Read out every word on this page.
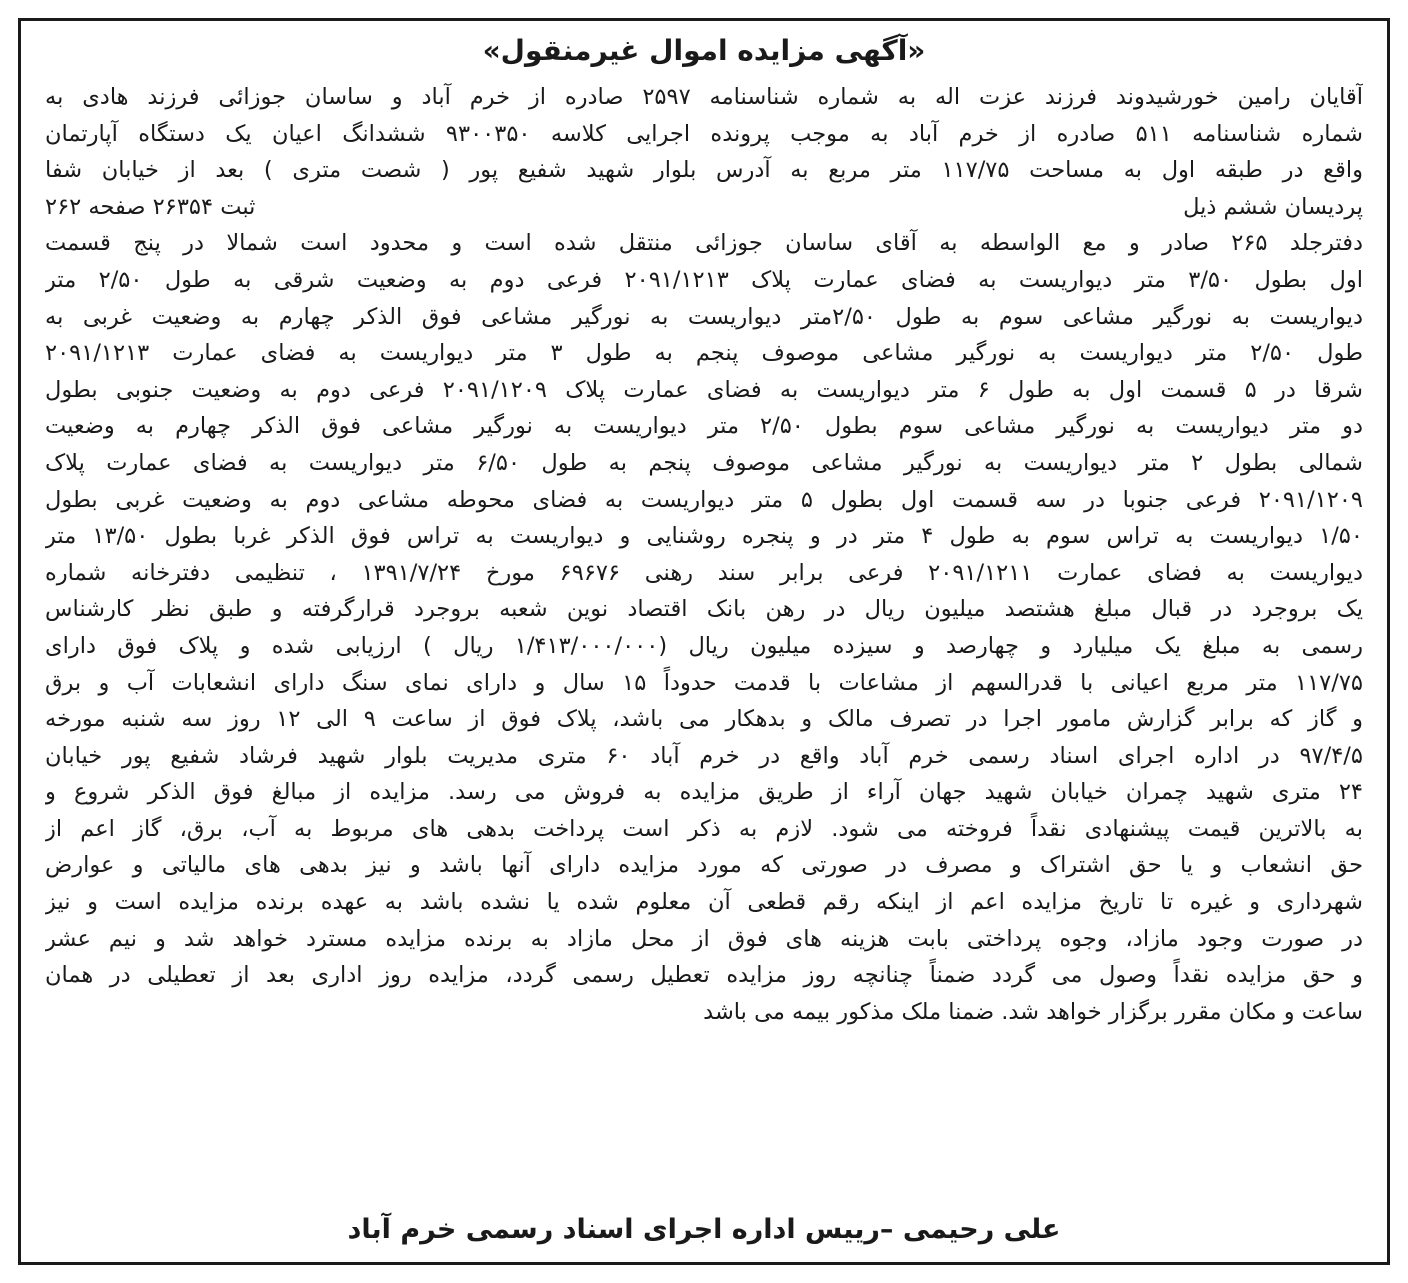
«آگهی مزایده اموال غیرمنقول»
آقایان رامین خورشیدوند فرزند عزت اله به شماره شناسنامه ۲۵۹۷ صادره از خرم آباد و ساسان جوزائی فرزند هادی به
شماره شناسنامه ۵۱۱ صادره از خرم آباد به موجب پرونده اجرایی کلاسه ۹۳۰۰۳۵۰ ششدانگ اعیان یک دستگاه آپارتمان
واقع در طبقه اول به مساحت ۱۱۷/۷۵ متر مربع به آدرس بلوار شهید شفیع پور ( شصت متری ) بعد از خیابان شفا
پردیسان ششم ذیل
ثبت ۲۶۳۵۴ صفحه ۲۶۲
دفترجلد ۲۶۵ صادر و مع الواسطه به آقای ساسان جوزائی منتقل شده است و محدود است شمالا در پنج قسمت
اول بطول ۳/۵۰ متر دیواریست به فضای عمارت پلاک ۲۰۹۱/۱۲۱۳ فرعی دوم به وضعیت شرقی به طول ۲/۵۰ متر
دیواریست به نورگیر مشاعی سوم به طول ۲/۵۰متر دیواریست به نورگیر مشاعی فوق الذکر چهارم به وضعیت غربی به
طول ۲/۵۰ متر دیواریست به نورگیر مشاعی موصوف پنجم به طول ۳ متر دیواریست به فضای عمارت ۲۰۹۱/۱۲۱۳
شرقا در ۵ قسمت اول به طول ۶ متر دیواریست به فضای عمارت پلاک ۲۰۹۱/۱۲۰۹ فرعی دوم به وضعیت جنوبی بطول
دو متر دیواریست به نورگیر مشاعی سوم بطول ۲/۵۰ متر دیواریست به نورگیر مشاعی فوق الذکر چهارم به وضعیت
شمالی بطول ۲ متر دیواریست به نورگیر مشاعی موصوف پنجم به طول ۶/۵۰ متر دیواریست به فضای عمارت پلاک
۲۰۹۱/۱۲۰۹ فرعی جنوبا در سه قسمت اول بطول ۵ متر دیواریست به فضای محوطه مشاعی دوم به وضعیت غربی بطول
۱/۵۰ دیواریست به تراس سوم به طول ۴ متر در و پنجره روشنایی و دیواریست به تراس فوق الذکر غربا بطول ۱۳/۵۰ متر
دیواریست به فضای عمارت ۲۰۹۱/۱۲۱۱ فرعی برابر سند رهنی ۶۹۶۷۶ مورخ ۱۳۹۱/۷/۲۴ ، تنظیمی دفترخانه شماره
یک بروجرد در قبال مبلغ هشتصد میلیون ریال در رهن بانک اقتصاد نوین شعبه بروجرد قرارگرفته و طبق نظر کارشناس
رسمی به مبلغ یک میلیارد و چهارصد و سیزده میلیون ریال (۱/۴۱۳/۰۰۰/۰۰۰ ریال ) ارزیابی شده و پلاک فوق دارای
۱۱۷/۷۵ متر مربع اعیانی با قدرالسهم از مشاعات با قدمت حدوداً ۱۵ سال و دارای نمای سنگ دارای انشعابات آب و برق
و گاز که برابر گزارش مامور اجرا در تصرف مالک و بدهکار می باشد، پلاک فوق از ساعت ۹ الی ۱۲ روز سه شنبه مورخه
۹۷/۴/۵ در اداره اجرای اسناد رسمی خرم آباد واقع در خرم آباد ۶۰ متری مدیریت بلوار شهید فرشاد شفیع پور خیابان
۲۴ متری شهید چمران خیابان شهید جهان آراء از طریق مزایده به فروش می رسد. مزایده از مبالغ فوق الذکر شروع و
به بالاترین قیمت پیشنهادی نقداً فروخته می شود. لازم به ذکر است پرداخت بدهی های مربوط به آب، برق، گاز اعم از
حق انشعاب و یا حق اشتراک و مصرف در صورتی که مورد مزایده دارای آنها باشد و نیز بدهی های مالیاتی و عوارض
شهرداری و غیره تا تاریخ مزایده اعم از اینکه رقم قطعی آن معلوم شده یا نشده باشد به عهده برنده مزایده است و نیز
در صورت وجود مازاد، وجوه پرداختی بابت هزینه های فوق از محل مازاد به برنده مزایده مسترد خواهد شد و نیم عشر
و حق مزایده نقداً وصول می گردد ضمناً چنانچه روز مزایده تعطیل رسمی گردد، مزایده روز اداری بعد از تعطیلی در همان
ساعت و مکان مقرر برگزار خواهد شد. ضمنا ملک مذکور بیمه می باشد
علی رحیمی –رییس اداره اجرای اسناد رسمی خرم آباد
